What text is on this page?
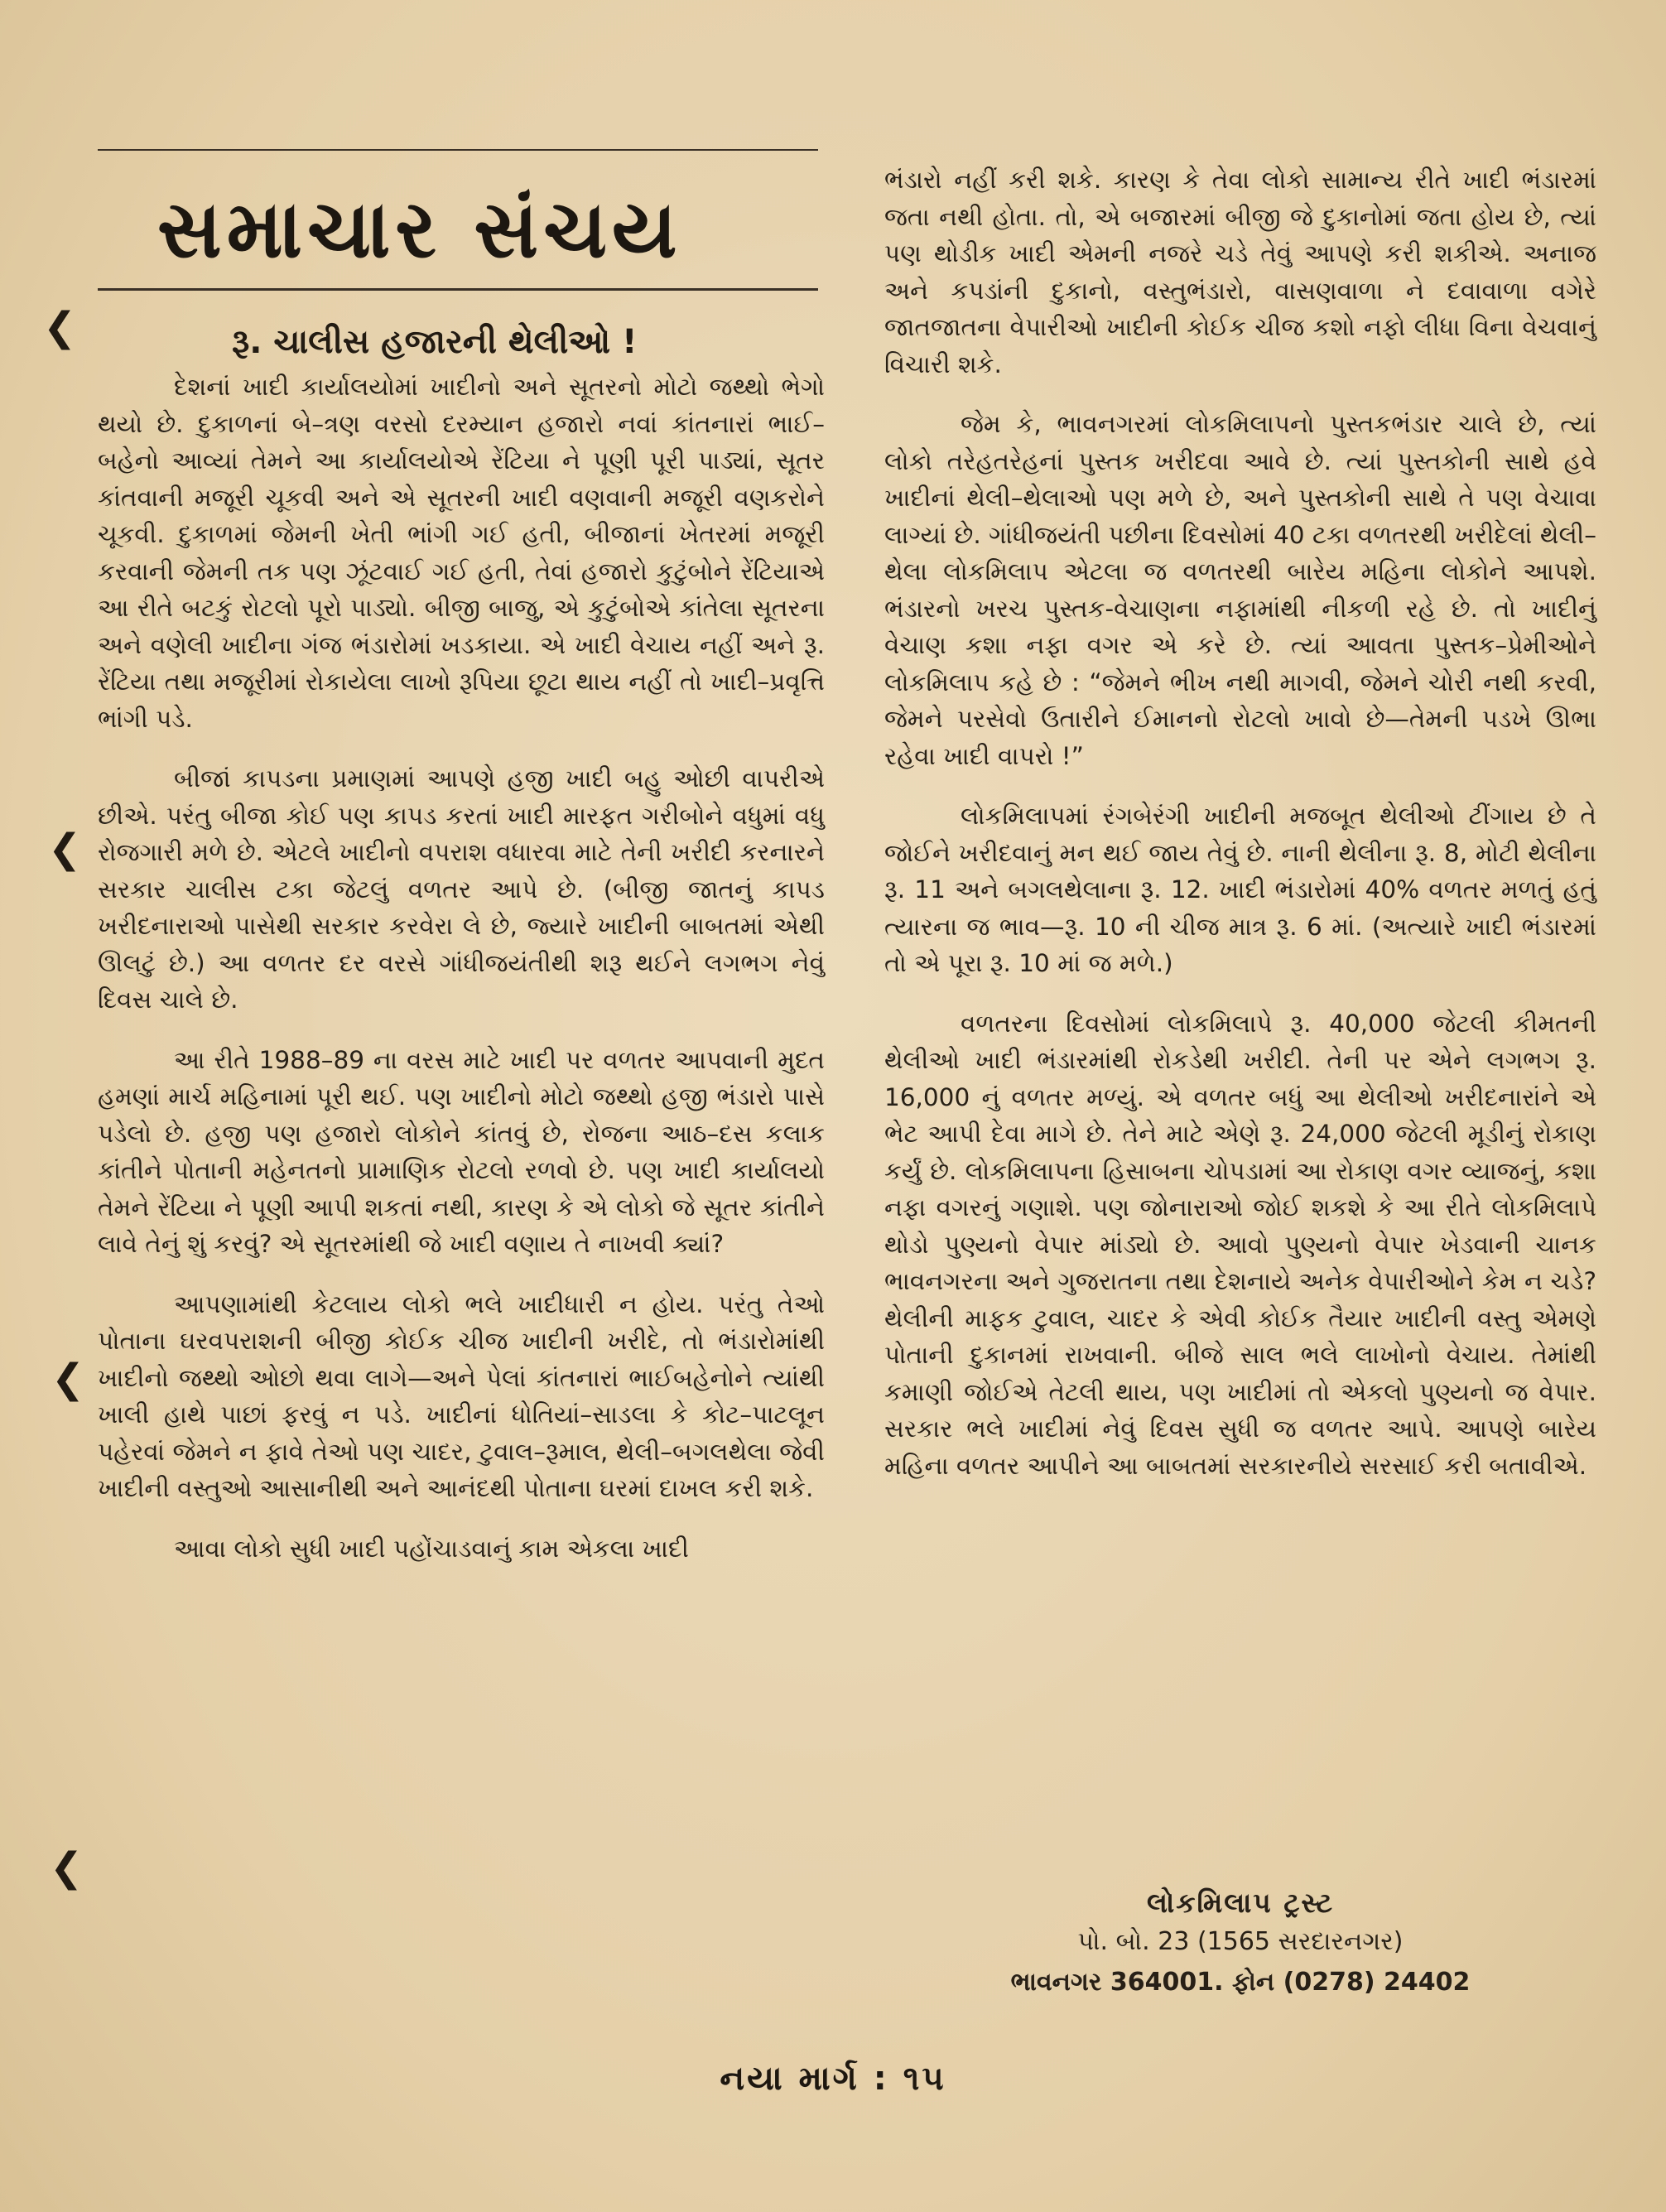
સમાચાર સંચય
રૂ. ચાલીસ હજારની થેલીઓ !

દેશનાં ખાદી કાર્યાલયોમાં ખાદીનો અને સૂતરનો મોટો જથ્થો ભેગો થયો છે. દુકાળનાં બે–ત્રણ વરસો દરમ્યાન હજારો નવાં કાંતનારાં ભાઈ–બહેનો આવ્યાં તેમને આ કાર્યાલયોએ રેંટિયા ને પૂણી પૂરી પાડ્યાં, સૂતર કાંતવાની મજૂરી ચૂકવી અને એ સૂતરની ખાદી વણવાની મજૂરી વણકરોને ચૂકવી. દુકાળમાં જેમની ખેતી ભાંગી ગઈ હતી, બીજાનાં ખેતરમાં મજૂરી કરવાની જેમની તક પણ ઝૂંટવાઈ ગઈ હતી, તેવાં હજારો કુટુંબોને રેંટિયાએ આ રીતે બટકું રોટલો પૂરો પાડ્યો. બીજી બાજુ, એ કુટુંબોએ કાંતેલા સૂતરના અને વણેલી ખાદીના ગંજ ભંડારોમાં ખડકાયા. એ ખાદી વેચાય નહીં અને રૂ. રેંટિયા તથા મજૂરીમાં રોકાયેલા લાખો રૂપિયા છૂટા થાય નહીં તો ખાદી–પ્રવૃત્તિ ભાંગી પડે.

બીજાં કાપડના પ્રમાણમાં આપણે હજી ખાદી બહુ ઓછી વાપરીએ છીએ. પરંતુ બીજા કોઈ પણ કાપડ કરતાં ખાદી મારફત ગરીબોને વધુમાં વધુ રોજગારી મળે છે. એટલે ખાદીનો વપરાશ વધારવા માટે તેની ખરીદી કરનારને સરકાર ચાલીસ ટકા જેટલું વળતર આપે છે. (બીજી જાતનું કાપડ ખરીદનારાઓ પાસેથી સરકાર કરવેરા લે છે, જ્યારે ખાદીની બાબતમાં એથી ઊલટું છે.) આ વળતર દર વરસે ગાંધીજયંતીથી શરૂ થઈને લગભગ નેવું દિવસ ચાલે છે.

આ રીતે 1988–89 ના વરસ માટે ખાદી પર વળતર આપવાની મુદત હમણાં માર્ચ મહિનામાં પૂરી થઈ. પણ ખાદીનો મોટો જથ્થો હજી ભંડારો પાસે પડેલો છે. હજી પણ હજારો લોકોને કાંતવું છે, રોજના આઠ–દસ કલાક કાંતીને પોતાની મહેનતનો પ્રામાણિક રોટલો રળવો છે. પણ ખાદી કાર્યાલયો તેમને રેંટિયા ને પૂણી આપી શકતાં નથી, કારણ કે એ લોકો જે સૂતર કાંતીને લાવે તેનું શું કરવું? એ સૂતરમાંથી જે ખાદી વણાય તે નાખવી ક્યાં?

આપણામાંથી કેટલાય લોકો ભલે ખાદીધારી ન હોય. પરંતુ તેઓ પોતાના ઘરવપરાશની બીજી કોઈક ચીજ ખાદીની ખરીદે, તો ભંડારોમાંથી ખાદીનો જથ્થો ઓછો થવા લાગે—અને પેલાં કાંતનારાં ભાઈબહેનોને ત્યાંથી ખાલી હાથે પાછાં ફરવું ન પડે. ખાદીનાં ધોતિયાં–સાડલા કે કોટ–પાટલૂન પહેરવાં જેમને ન ફાવે તેઓ પણ ચાદર, ટુવાલ–રૂમાલ, થેલી–બગલથેલા જેવી ખાદીની વસ્તુઓ આસાનીથી અને આનંદથી પોતાના ઘરમાં દાખલ કરી શકે.

આવા લોકો સુધી ખાદી પહોંચાડવાનું કામ એકલા ખાદી

ભંડારો નહીં કરી શકે. કારણ કે તેવા લોકો સામાન્ય રીતે ખાદી ભંડારમાં જતા નથી હોતા. તો, એ બજારમાં બીજી જે દુકાનોમાં જતા હોય છે, ત્યાં પણ થોડીક ખાદી એમની નજરે ચડે તેવું આપણે કરી શકીએ. અનાજ અને કપડાંની દુકાનો, વસ્તુભંડારો, વાસણવાળા ને દવાવાળા વગેરે જાતજાતના વેપારીઓ ખાદીની કોઈક ચીજ કશો નફો લીધા વિના વેચવાનું વિચારી શકે.

જેમ કે, ભાવનગરમાં લોકમિલાપનો પુસ્તકભંડાર ચાલે છે, ત્યાં લોકો તરેહતરેહનાં પુસ્તક ખરીદવા આવે છે. ત્યાં પુસ્તકોની સાથે હવે ખાદીનાં થેલી–થેલાઓ પણ મળે છે, અને પુસ્તકોની સાથે તે પણ વેચાવા લાગ્યાં છે. ગાંધીજયંતી પછીના દિવસોમાં 40 ટકા વળતરથી ખરીદેલાં થેલી–થેલા લોકમિલાપ એટલા જ વળતરથી બારેય મહિના લોકોને આપશે. ભંડારનો ખરચ પુસ્તક-વેચાણના નફામાંથી નીકળી રહે છે. તો ખાદીનું વેચાણ કશા નફા વગર એ કરે છે. ત્યાં આવતા પુસ્તક–પ્રેમીઓને લોકમિલાપ કહે છે : “જેમને ભીખ નથી માગવી, જેમને ચોરી નથી કરવી, જેમને પરસેવો ઉતારીને ઈમાનનો રોટલો ખાવો છે—તેમની પડખે ઊભા રહેવા ખાદી વાપરો !”

લોકમિલાપમાં રંગબેરંગી ખાદીની મજબૂત થેલીઓ ટીંગાય છે તે જોઈને ખરીદવાનું મન થઈ જાય તેવું છે. નાની થેલીના રૂ. 8, મોટી થેલીના રૂ. 11 અને બગલથેલાના રૂ. 12. ખાદી ભંડારોમાં 40% વળતર મળતું હતું ત્યારના જ ભાવ—રૂ. 10 ની ચીજ માત્ર રૂ. 6 માં. (અત્યારે ખાદી ભંડારમાં તો એ પૂરા રૂ. 10 માં જ મળે.)

વળતરના દિવસોમાં લોકમિલાપે રૂ. 40,000 જેટલી કીમતની થેલીઓ ખાદી ભંડારમાંથી રોકડેથી ખરીદી. તેની પર એને લગભગ રૂ. 16,000 નું વળતર મળ્યું. એ વળતર બધું આ થેલીઓ ખરીદનારાંને એ ભેટ આપી દેવા માગે છે. તેને માટે એણે રૂ. 24,000 જેટલી મૂડીનું રોકાણ કર્યું છે. લોકમિલાપના હિસાબના ચોપડામાં આ રોકાણ વગર વ્યાજનું, કશા નફા વગરનું ગણાશે. પણ જોનારાઓ જોઈ શકશે કે આ રીતે લોકમિલાપે થોડો પુણ્યનો વેપાર માંડ્યો છે. આવો પુણ્યનો વેપાર ખેડવાની ચાનક ભાવનગરના અને ગુજરાતના તથા દેશનાયે અનેક વેપારીઓને કેમ ન ચડે? થેલીની માફક ટુવાલ, ચાદર કે એવી કોઈક તૈયાર ખાદીની વસ્તુ એમણે પોતાની દુકાનમાં રાખવાની. બીજે સાલ ભલે લાખોનો વેચાય. તેમાંથી કમાણી જોઈએ તેટલી થાય, પણ ખાદીમાં તો એકલો પુણ્યનો જ વેપાર. સરકાર ભલે ખાદીમાં નેવું દિવસ સુધી જ વળતર આપે. આપણે બારેય મહિના વળતર આપીને આ બાબતમાં સરકારનીયે સરસાઈ કરી બતાવીએ.

લોકમિલાપ ટ્રસ્ટ
પો. બો. 23 (1565 સરદારનગર)
ભાવનગર 364001. ફોન (0278) 24402
નયા માર્ગ : ૧૫
❮
❮
❮
❮
